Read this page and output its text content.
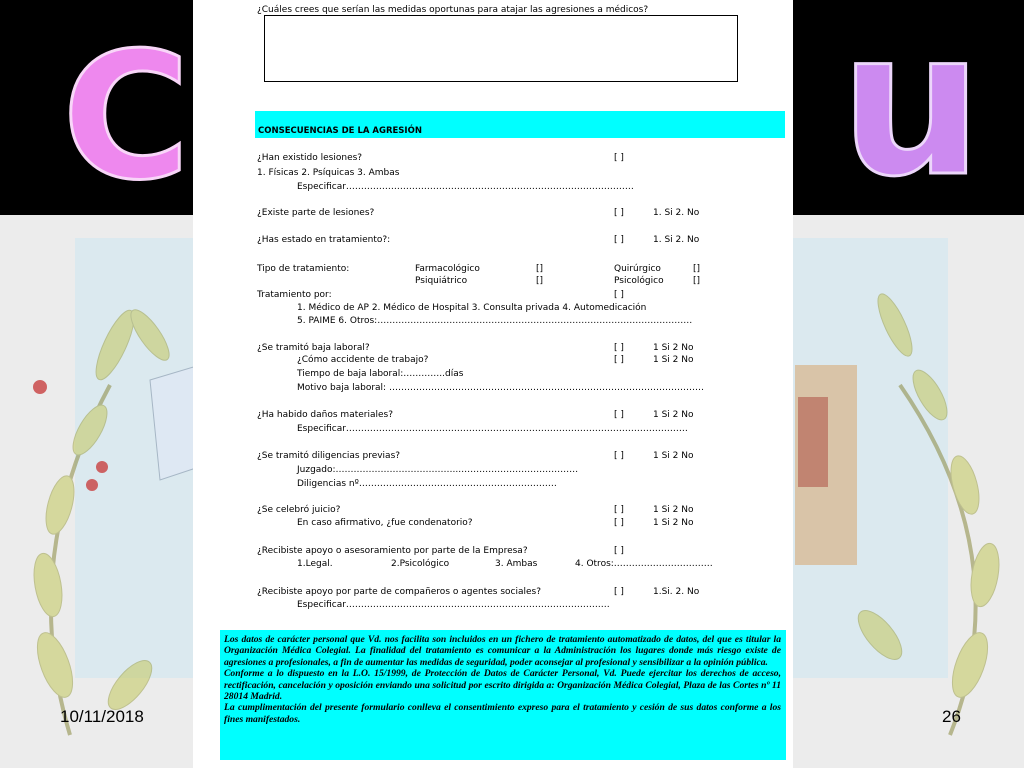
C	u
¿Cuáles crees que serían las medidas oportunas para atajar las agresiones a médicos?
CONSECUENCIAS DE LA AGRESIÓN
¿Han existido lesiones?	[ ]
1. Físicas 2. Psíquicas 3. Ambas
Especificar……………………………………………………………………………………
¿Existe parte de lesiones?	[ ]	1. Si 2. No
¿Has estado en tratamiento?:	[ ]	1. Si 2. No
Tipo de tratamiento:	Farmacológico	[]	Quirúrgico	[]
Psiquiátrico	[]	Psicológico	[]
Tratamiento por:	[ ]
1. Médico de AP 2. Médico de Hospital 3. Consulta privada 4. Automedicación
5. PAIME 6. Otros:……………………………………………………………………………………………
¿Se tramitó baja laboral?	[ ]	1 Si 2 No
¿Cómo accidente de trabajo?	[ ]	1 Si 2 No
Tiempo de baja laboral:…………..días
Motivo baja laboral: ……………………………………………………………………………………………
¿Ha habido daños materiales?	[ ]	1 Si 2 No
Especificar……………………………………………………………………………………………………
¿Se tramitó diligencias previas?	[ ]	1 Si 2 No
Juzgado:…………………………………...…………………………………
Diligencias nº…………………………………………………………
¿Se celebró juicio?	[ ]	1 Si 2 No
En caso afirmativo, ¿fue condenatorio?	[ ]	1 Si 2 No
¿Recibiste apoyo o asesoramiento por parte de la Empresa?	[ ]
1.Legal.	2.Psicológico	3. Ambas	4. Otros:……………………………
¿Recibiste apoyo por parte de compañeros o agentes sociales?	[ ]	1.Si. 2. No
Especificar………………………………………………………………………….…

Los datos de carácter personal que Vd. nos facilita son incluidos en un fichero de tratamiento automatizado de datos, del que es titular la Organización Médica Colegial. La finalidad del tratamiento es comunicar a la Administración los lugares donde más riesgo existe de agresiones a profesionales, a fin de aumentar las medidas de seguridad, poder aconsejar al profesional y sensibilizar a la opinión pública.

Conforme a lo dispuesto en la L.O. 15/1999, de Protección de Datos de Carácter Personal, Vd. Puede ejercitar los derechos de acceso, rectificación, cancelación y oposición enviando una solicitud por escrito dirigida a: Organización Médica Colegial, Plaza de las Cortes nº 11 28014 Madrid.

La cumplimentación del presente formulario conlleva el consentimiento expreso para el tratamiento y cesión de sus datos conforme a los fines manifestados.

10/11/2018	26
